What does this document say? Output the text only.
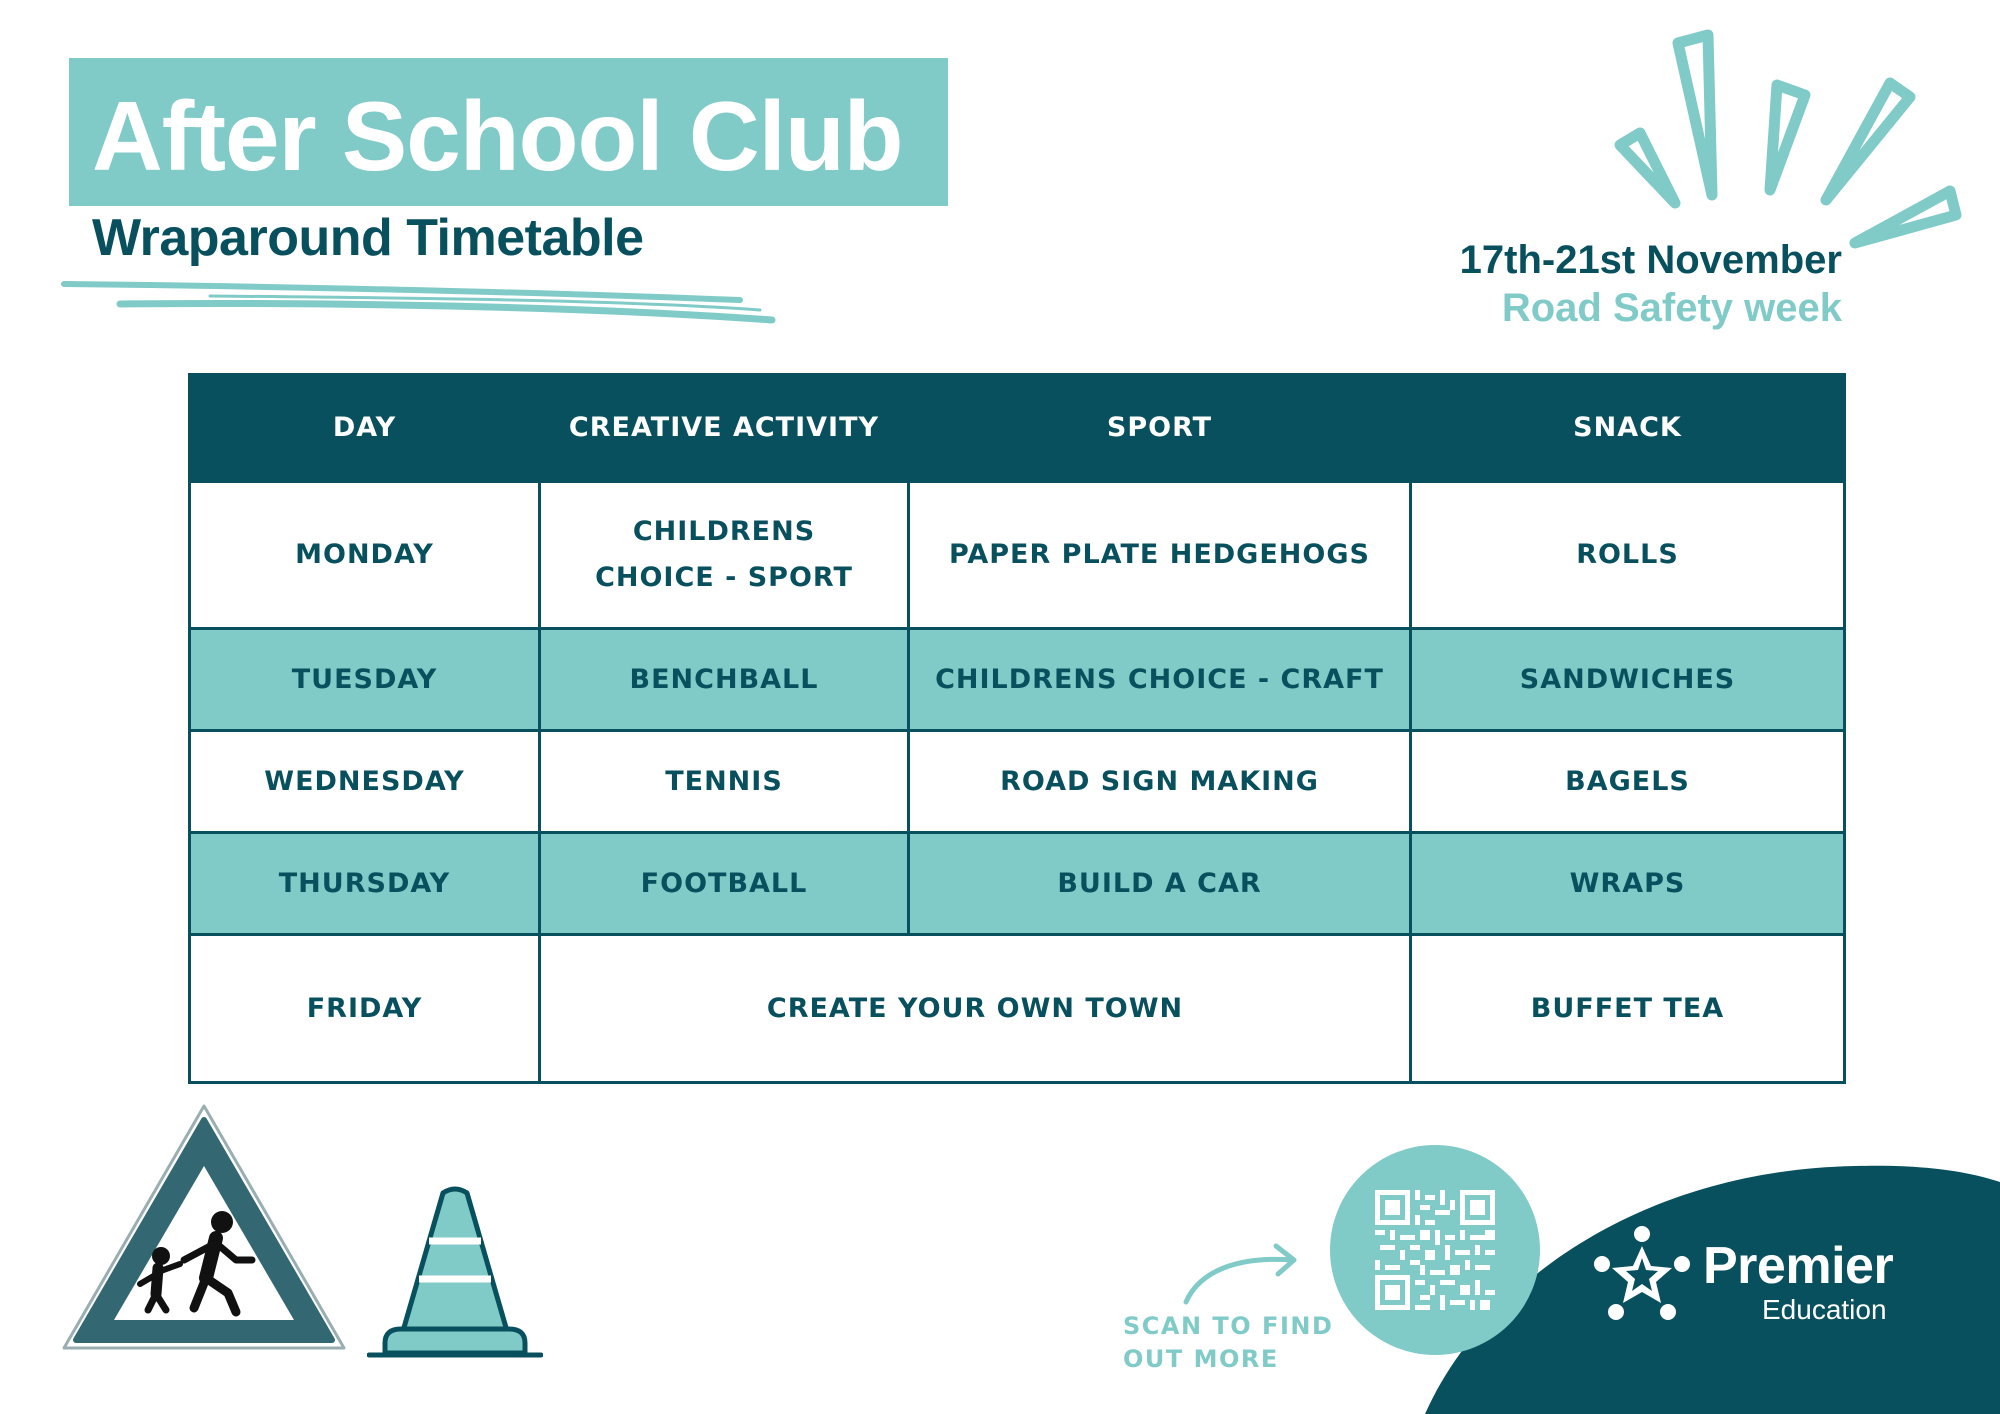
After School Club
Wraparound Timetable	17th-21st November
Road Safety week
DAY	CREATIVE ACTIVITY	SPORT	SNACK
MONDAY	CHILDRENS CHOICE - SPORT	PAPER PLATE HEDGEHOGS	ROLLS
TUESDAY	BENCHBALL	CHILDRENS CHOICE - CRAFT	SANDWICHES
WEDNESDAY	TENNIS	ROAD SIGN MAKING	BAGELS
THURSDAY	FOOTBALL	BUILD A CAR	WRAPS
FRIDAY	CREATE YOUR OWN TOWN		BUFFET TEA
SCAN TO FIND OUT MORE
Premier
Education
